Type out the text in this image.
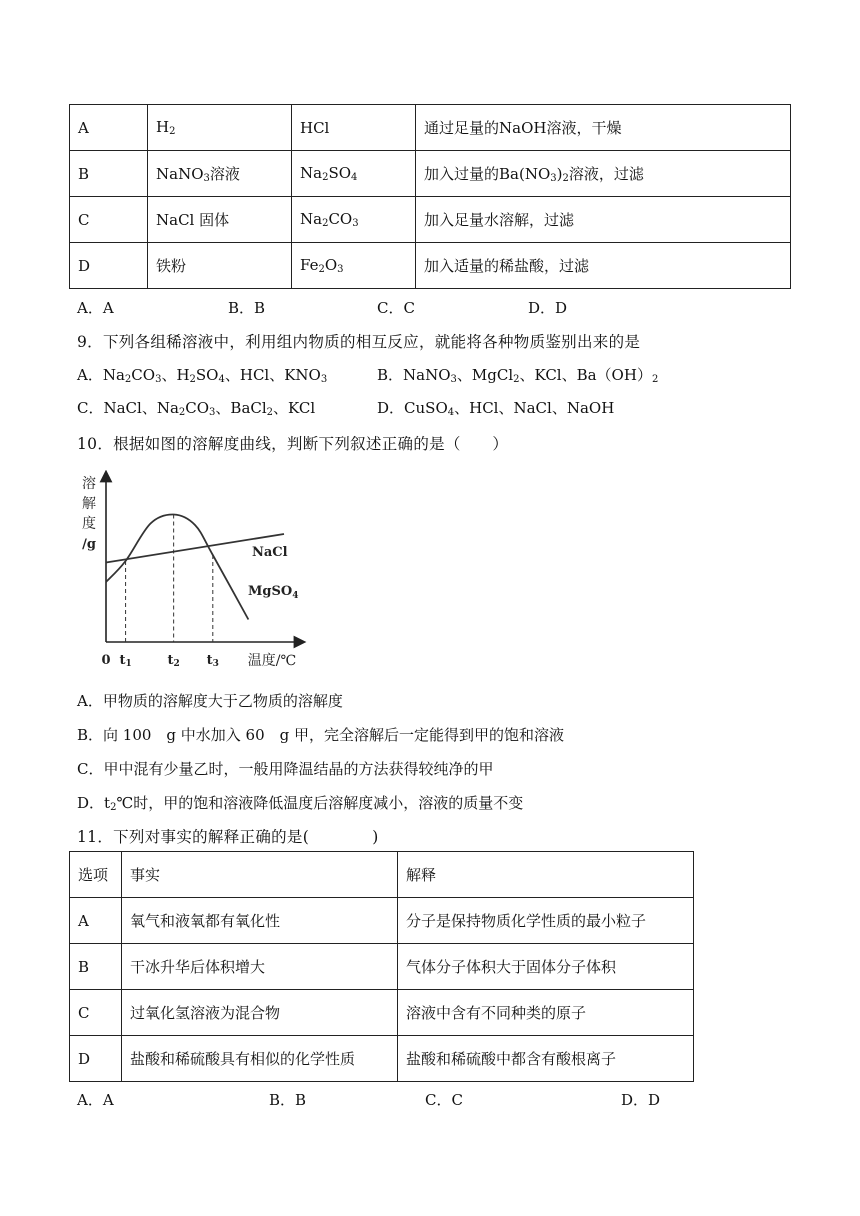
A	$H_2$	HCl	通过足量的NaOH溶液，干燥
B	NaNO$_3$溶液	$Na_2SO_4$	加入过量的$Ba(NO_3)_2$溶液，过滤
C	NaCl 固体	$Na_2CO_3$	加入足量水溶解，过滤
D	铁粉	$Fe_2O_3$	加入适量的稀盐酸，过滤
A．A	B．B	C．C	D．D
9．下列各组稀溶液中，利用组内物质的相互反应，就能将各种物质鉴别出来的是
A．$Na_2CO_3$、$H_2SO_4$、HCl、$KNO_3$	B．NaNO$_3$、MgCl$_2$、KCl、$Ba(OH)_2$
C．NaCl、$Na_2CO_3$、BaCl$_2$、KCl	D．CuSO$_4$、HCl、NaCl、NaOH
10．根据如图的溶解度曲线，判断下列叙述正确的是（　　）
溶
解
度
/g
t1	t2 t3
0	温度/℃
NaCl
MgSO$_4$
A．甲物质的溶解度大于乙物质的溶解度
B．向 100　g 中水加入 60　g 甲，完全溶解后一定能得到甲的饱和溶液
C．甲中混有少量乙时，一般用降温结晶的方法获得较纯净的甲
D．$t_2℃$时，甲的饱和溶液降低温度后溶解度减小，溶液的质量不变
11．下列对事实的解释正确的是(　　　　)
选项	事实	解释
A	氧气和液氧都有氧化性	分子是保持物质化学性质的最小粒子
B	干冰升华后体积增大	气体分子体积大于固体分子体积
C	过氧化氢溶液为混合物	溶液中含有不同种类的原子
D	盐酸和稀硫酸具有相似的化学性质	盐酸和稀硫酸中都含有酸根离子
A．A	B．B	C．C	D．D
